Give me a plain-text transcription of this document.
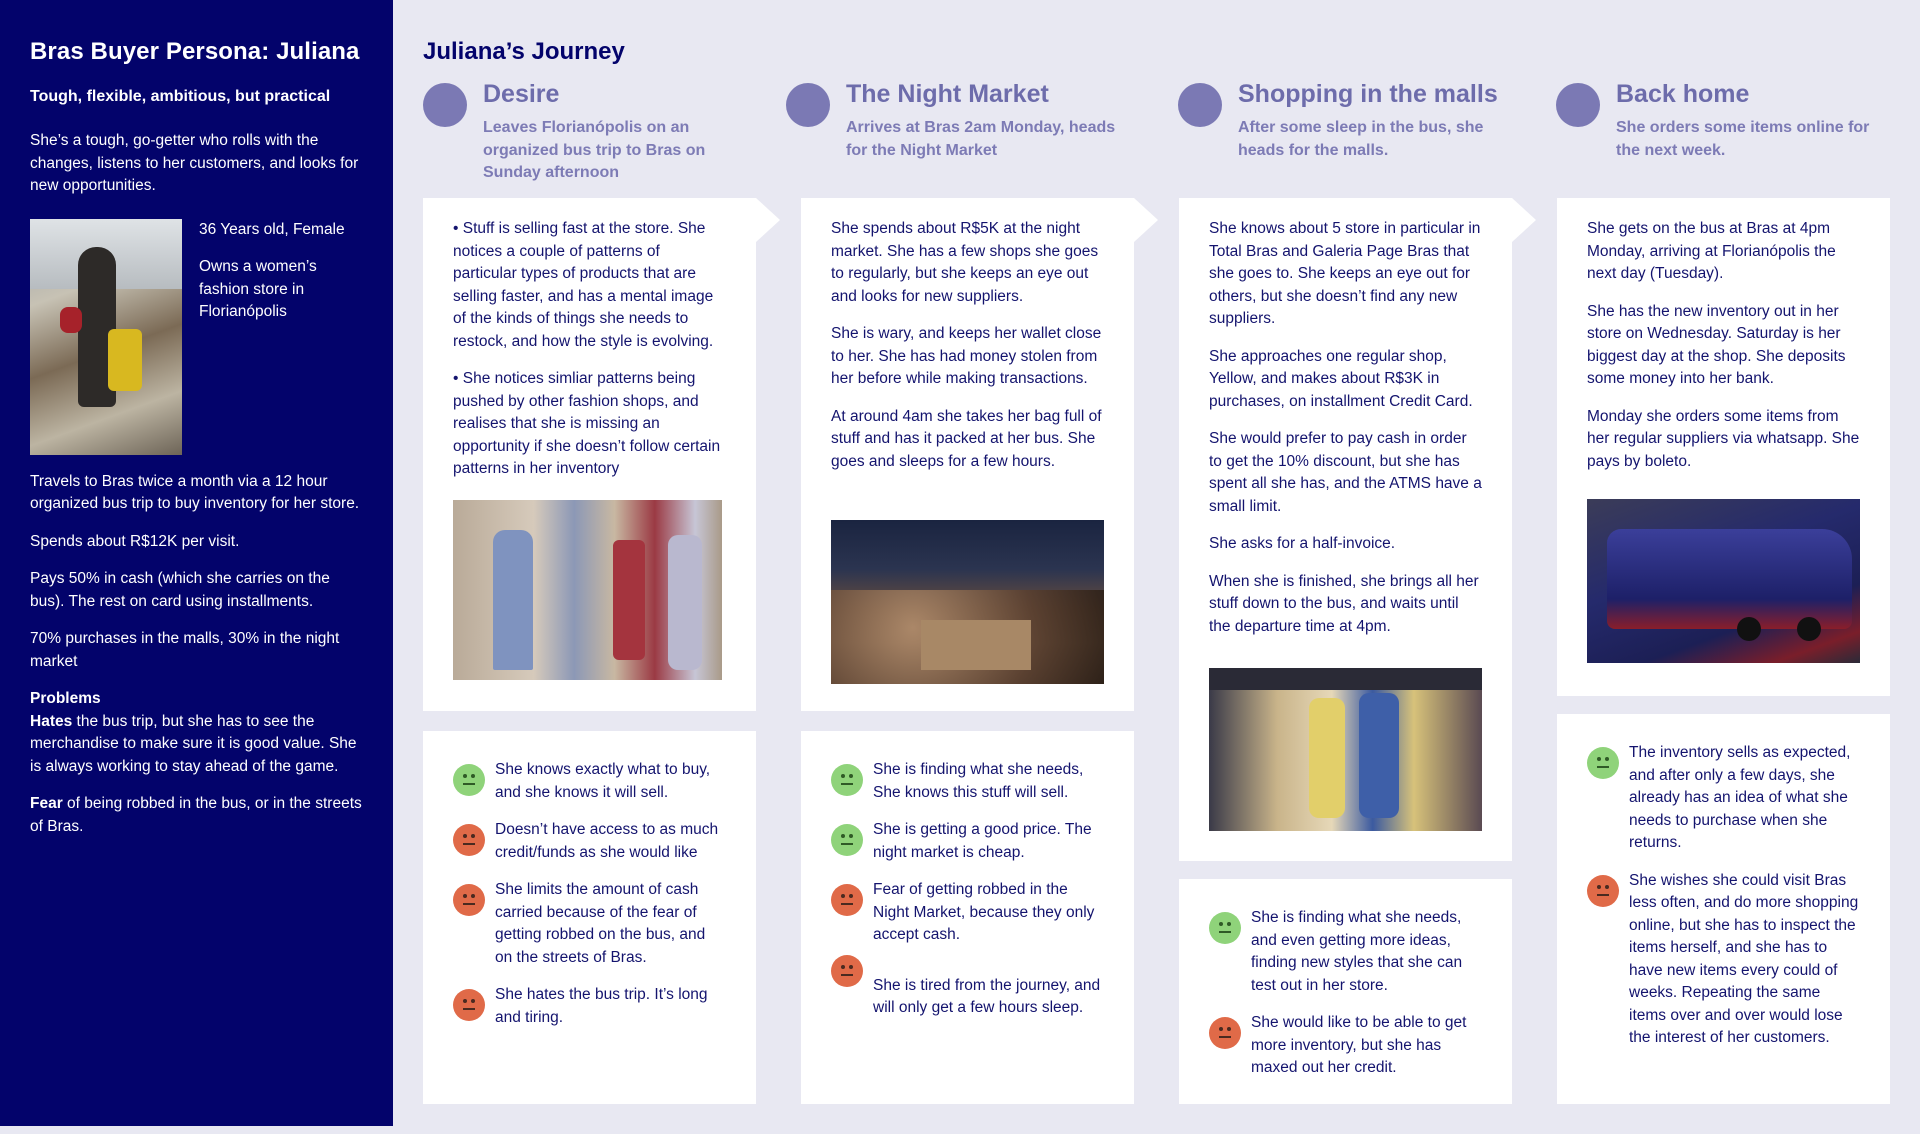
Bras Buyer Persona: Juliana
Tough, flexible, ambitious, but practical
She’s a tough, go-getter who rolls with the changes, listens to her customers, and looks for new opportunities.
36 Years old, Female
Owns a women’s fashion store in Florianópolis
Travels to Bras twice a month via a 12 hour organized bus trip to buy inventory for her store.
Spends about R$12K per visit.
Pays 50% in cash (which she carries on the bus). The rest on card using installments.
70% purchases in the malls, 30% in the night market
Problems
Hates the bus trip, but she has to see the merchandise to make sure it is good value. She is always working to stay ahead of the game.
Fear of being robbed in the bus, or in the streets of Bras.
Juliana’s Journey
Desire
Leaves Florianópolis on an organized bus trip to Bras on Sunday afternoon

• Stuff is selling fast at the store. She notices a couple of patterns of particular types of products that are selling faster, and has a mental image of the kinds of things she needs to restock, and how the style is evolving.

• She notices simliar patterns being pushed by other fashion shops, and realises that she is missing an opportunity if she doesn’t follow certain patterns in her inventory

She knows exactly what to buy, and she knows it will sell.
Doesn’t have access to as much credit/funds as she would like
She limits the amount of cash carried because of the fear of getting robbed on the bus, and on the streets of Bras.
She hates the bus trip. It’s long and tiring.
The Night Market
Arrives at Bras 2am Monday, heads for the Night Market

She spends about R$5K at the night market. She has a few shops she goes to regularly, but she keeps an eye out and looks for new suppliers.

She is wary, and keeps her wallet close to her. She has had money stolen from her before while making transactions.

At around 4am she takes her bag full of stuff and has it packed at her bus. She goes and sleeps for a few hours.

She is finding what she needs, She knows this stuff will sell.
She is getting a good price. The night market is cheap.
Fear of getting robbed in the Night Market, because they only accept cash.
She is tired from the journey, and will only get a few hours sleep.
Shopping in the malls
After some sleep in the bus, she heads for the malls.

She knows about 5 store in particular in Total Bras and Galeria Page Bras that she goes to. She keeps an eye out for others, but she doesn’t find any new suppliers.

She approaches one regular shop, Yellow, and makes about R$3K in purchases, on installment Credit Card.

She would prefer to pay cash in order to get the 10% discount, but she has spent all she has, and the ATMS have a small limit.

She asks for a half-invoice.

When she is finished, she brings all her stuff down to the bus, and waits until the departure time at 4pm.

She is finding what she needs, and even getting more ideas, finding new styles that she can test out in her store.
She would like to be able to get more inventory, but she has maxed out her credit.
Back home
She orders some items online for the next week.

She gets on the bus at Bras at 4pm Monday, arriving at Florianópolis the next day (Tuesday).

She has the new inventory out in her store on Wednesday. Saturday is her biggest day at the shop. She deposits some money into her bank.

Monday she orders some items from her regular suppliers via whatsapp. She pays by boleto.

The inventory sells as expected, and after only a few days, she already has an idea of what she needs to purchase when she returns.
She wishes she could visit Bras less often, and do more shopping online, but she has to inspect the items herself, and she has to have new items every could of weeks. Repeating the same items over and over would lose the interest of her customers.
